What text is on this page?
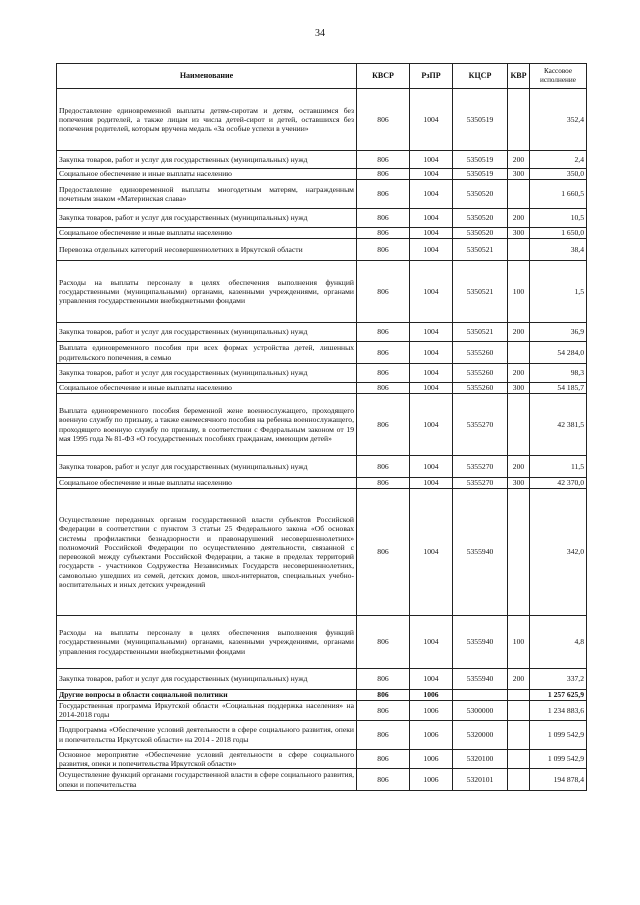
34
Наименование	КВСР	РзПР	КЦСР	КВР	Кассовое исполнение
Предоставление единовременной выплаты детям-сиротам и детям, оставшимся без попечения родителей, а также лицам из числа детей-сирот и детей, оставшихся без попечения родителей, которым вручена медаль «За особые успехи в учении»	806	1004	5350519		352,4
Закупка товаров, работ и услуг для государственных (муниципальных) нужд	806	1004	5350519	200	2,4
Социальное обеспечение и иные выплаты населению	806	1004	5350519	300	350,0
Предоставление единовременной выплаты многодетным матерям, награжденным почетным знаком «Материнская слава»	806	1004	5350520		1 660,5
Закупка товаров, работ и услуг для государственных (муниципальных) нужд	806	1004	5350520	200	10,5
Социальное обеспечение и иные выплаты населению	806	1004	5350520	300	1 650,0
Перевозка отдельных категорий несовершеннолетних в Иркутской области	806	1004	5350521		38,4
Расходы на выплаты персоналу в целях обеспечения выполнения функций государственными (муниципальными) органами, казенными учреждениями, органами управления государственными внебюджетными фондами	806	1004	5350521	100	1,5
Закупка товаров, работ и услуг для государственных (муниципальных) нужд	806	1004	5350521	200	36,9
Выплата единовременного пособия при всех формах устройства детей, лишенных родительского попечения, в семью	806	1004	5355260		54 284,0
Закупка товаров, работ и услуг для государственных (муниципальных) нужд	806	1004	5355260	200	98,3
Социальное обеспечение и иные выплаты населению	806	1004	5355260	300	54 185,7
Выплата единовременного пособия беременной жене военнослужащего, проходящего военную службу по призыву, а также ежемесячного пособия на ребенка военнослужащего, проходящего военную службу по призыву, в соответствии с Федеральным законом от 19 мая 1995 года № 81-ФЗ «О государственных пособиях гражданам, имеющим детей»	806	1004	5355270		42 381,5
Закупка товаров, работ и услуг для государственных (муниципальных) нужд	806	1004	5355270	200	11,5
Социальное обеспечение и иные выплаты населению	806	1004	5355270	300	42 370,0
Осуществление переданных органам государственной власти субъектов Российской Федерации в соответствии с пунктом 3 статьи 25 Федерального закона «Об основах системы профилактики безнадзорности и правонарушений несовершеннолетних» полномочий Российской Федерации по осуществлению деятельности, связанной с перевозкой между субъектами Российской Федерации, а также в пределах территорий государств - участников Содружества Независимых Государств несовершеннолетних, самовольно ушедших из семей, детских домов, школ-интернатов, специальных учебно-воспитательных и иных детских учреждений	806	1004	5355940		342,0
Расходы на выплаты персоналу в целях обеспечения выполнения функций государственными (муниципальными) органами, казенными учреждениями, органами управления государственными внебюджетными фондами	806	1004	5355940	100	4,8
Закупка товаров, работ и услуг для государственных (муниципальных) нужд	806	1004	5355940	200	337,2
Другие вопросы в области социальной политики	806	1006			1 257 625,9
Государственная программа Иркутской области «Социальная поддержка населения» на 2014-2018 годы	806	1006	5300000		1 234 883,6
Подпрограмма «Обеспечение условий деятельности в сфере социального развития, опеки и попечительства Иркутской области» на 2014 - 2018 годы	806	1006	5320000		1 099 542,9
Основное мероприятие «Обеспечение условий деятельности в сфере социального развития, опеки и попечительства Иркутской области»	806	1006	5320100		1 099 542,9
Осуществление функций органами государственной власти в сфере социального развития, опеки и попечительства	806	1006	5320101		194 878,4
